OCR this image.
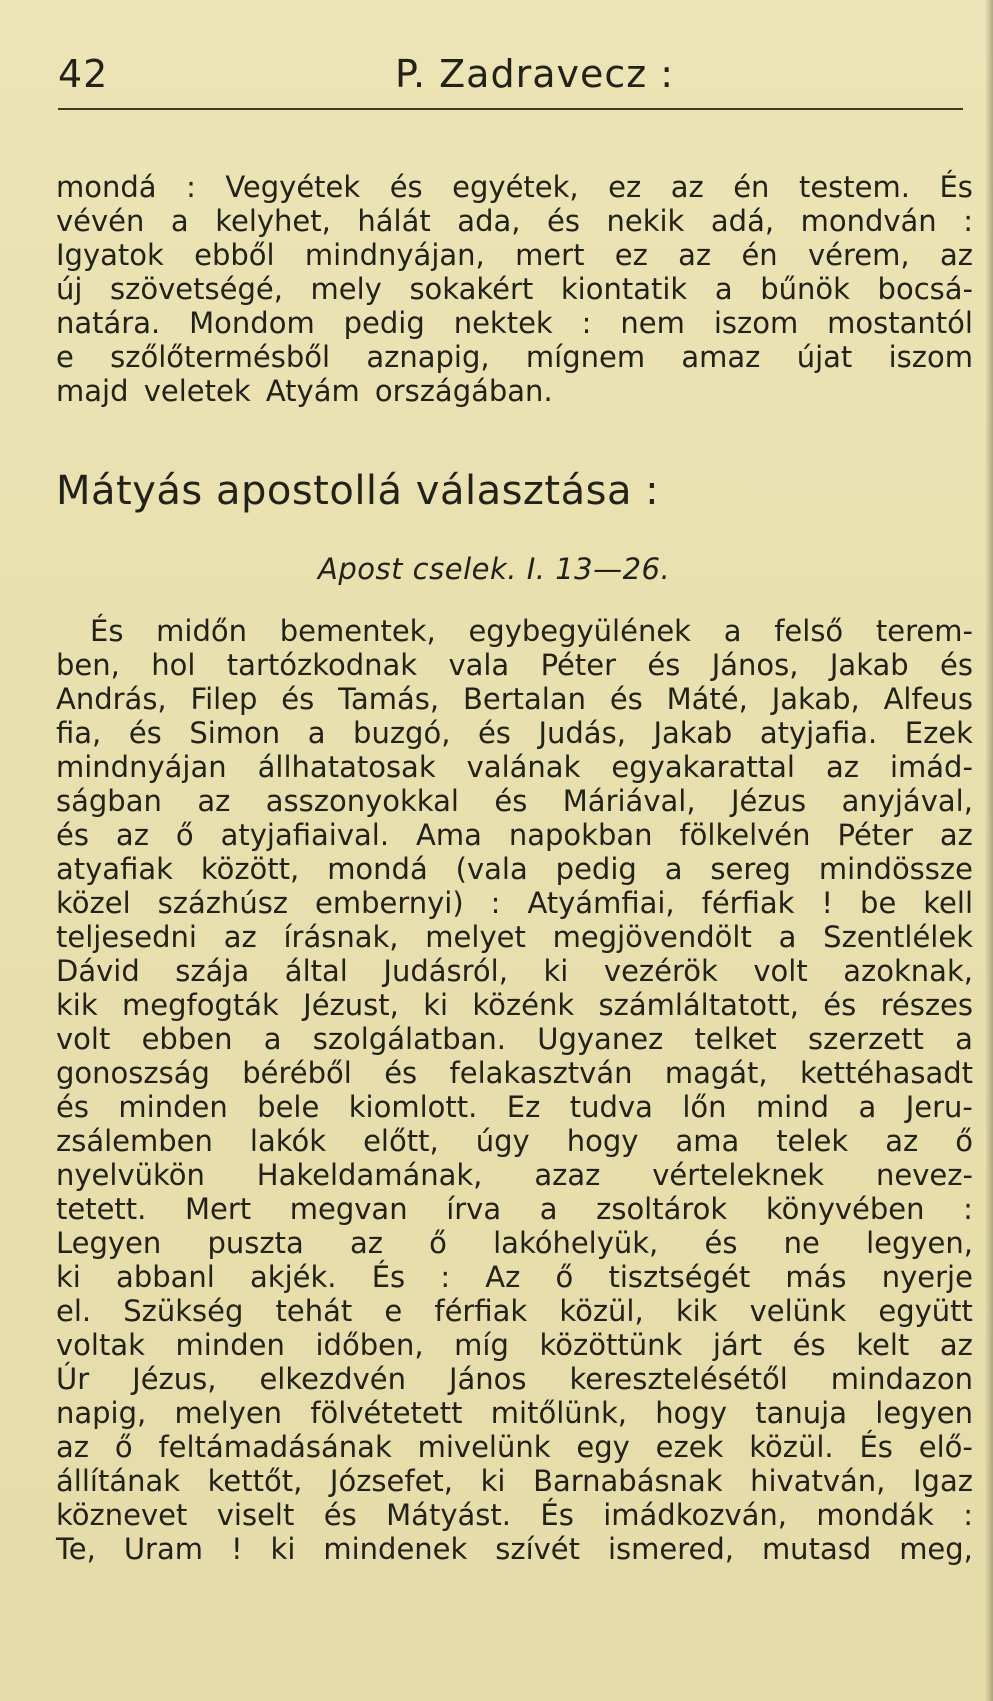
42	P. Zadravecz :
mondá : Vegyétek és egyétek, ez az én testem. És
vévén a kelyhet, hálát ada, és nekik adá, mondván :
Igyatok ebből mindnyájan, mert ez az én vérem, az
új szövetségé, mely sokakért kiontatik a bűnök bocsá-
natára. Mondom pedig nektek : nem iszom mostantól
e szőlőtermésből aznapig, mígnem amaz újat iszom
majd veletek Atyám országában.
Mátyás apostollá választása :
Apost cselek. I. 13—26.
És midőn bementek, egybegyülének a felső terem-
ben, hol tartózkodnak vala Péter és János, Jakab és
András, Filep és Tamás, Bertalan és Máté, Jakab, Alfeus
fia, és Simon a buzgó, és Judás, Jakab atyjafia. Ezek
mindnyájan állhatatosak valának egyakarattal az imád-
ságban az asszonyokkal és Máriával, Jézus anyjával,
és az ő atyjafiaival. Ama napokban fölkelvén Péter az
atyafiak között, mondá (vala pedig a sereg mindössze
közel százhúsz embernyi) : Atyámfiai, férfiak ! be kell
teljesedni az írásnak, melyet megjövendölt a Szentlélek
Dávid szája által Judásról, ki vezérök volt azoknak,
kik megfogták Jézust, ki közénk számláltatott, és részes
volt ebben a szolgálatban. Ugyanez telket szerzett a
gonoszság béréből és felakasztván magát, kettéhasadt
és minden bele kiomlott. Ez tudva lőn mind a Jeru-
zsálemben lakók előtt, úgy hogy ama telek az ő
nyelvükön Hakeldamának, azaz vérteleknek nevez-
tetett. Mert megvan írva a zsoltárok könyvében :
Legyen puszta az ő lakóhelyük, és ne legyen,
ki abbanl akjék. És : Az ő tisztségét más nyerje
el. Szükség tehát e férfiak közül, kik velünk együtt
voltak minden időben, míg közöttünk járt és kelt az
Úr Jézus, elkezdvén János keresztelésétől mindazon
napig, melyen fölvétetett mitőlünk, hogy tanuja legyen
az ő feltámadásának mivelünk egy ezek közül. És elő-
állítának kettőt, Józsefet, ki Barnabásnak hivatván, Igaz
köznevet viselt és Mátyást. És imádkozván, mondák :
Te, Uram ! ki mindenek szívét ismered, mutasd meg,
